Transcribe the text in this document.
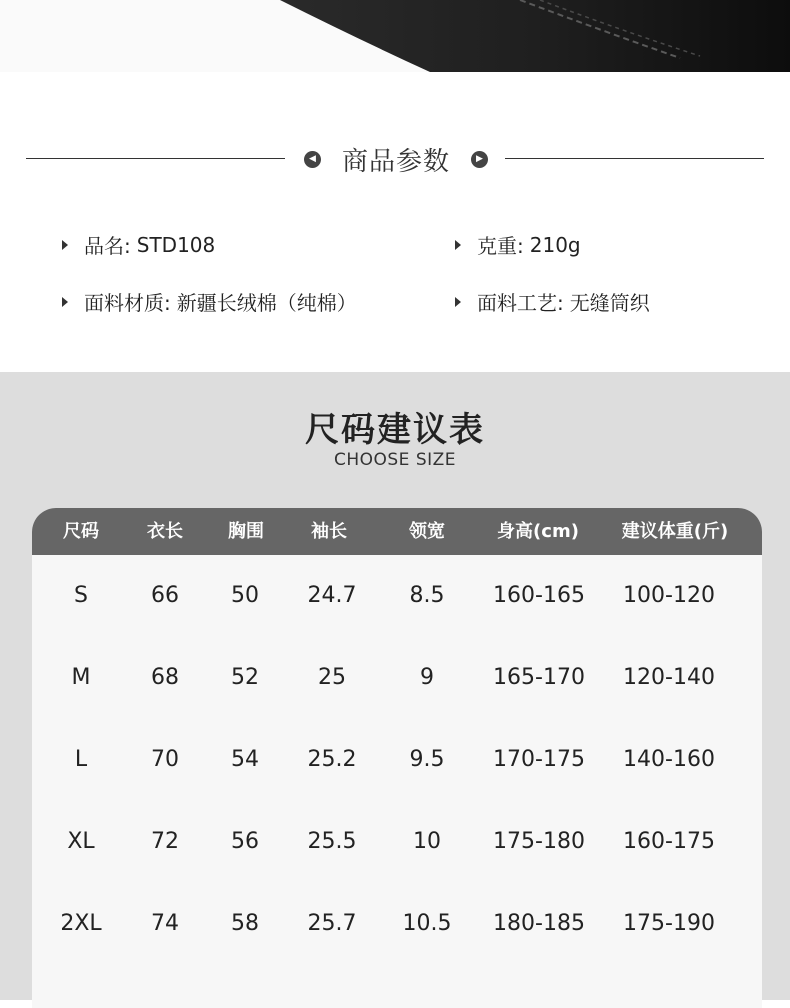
◀ 商品参数	▶
品名: STD108	克重: 210g
面料材质: 新疆长绒棉（纯棉）	面料工艺: 无缝筒织
尺码建议表
CHOOSE SIZE
尺码	衣长	胸围	袖长	领宽	身高(cm)	建议体重(斤)
S	66	50	24.7	8.5	160-165	100-120
M	68	52	25	9	165-170	120-140
L	70	54	25.2	9.5	170-175	140-160
XL	72	56	25.5	10	175-180	160-175
2XL	74	58	25.7	10.5	180-185	175-190
